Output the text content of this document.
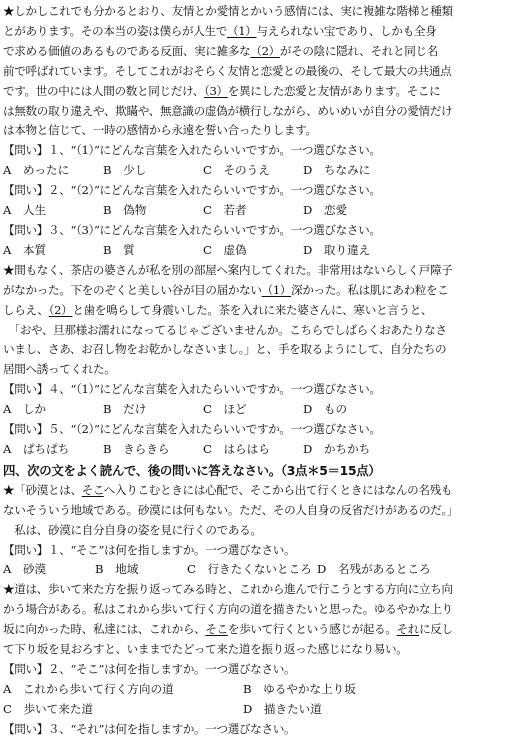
★しかしこれでも分かるとおり、友情とか愛情とかいう感情には、実に複雑な階梯と種類

とがあります。その本当の姿は僕らが人生で（1）与えられない宝であり、しかも全身

で求める価値のあるものである反面、実に雑多な（2）がその陰に隠れ、それと同じ名

前で呼ばれています。そしてこれがおそらく友情と恋愛との最後の、そして最大の共通点

です。世の中には人間の数と同じだけ、（3）を異にした恋愛と友情があります。そこに

は無数の取り違えや、欺瞞や、無意識の虚偽が横行しながら、めいめいが自分の愛情だけ

は本物と信じて、一時の感情から永遠を誓い合ったりします。

【問い】１、“（1）”にどんな言葉を入れたらいいですか。一つ選びなさい。

A　めったに	B　少し	C　そのうえ	D　ちなみに

【問い】２、“（2）”にどんな言葉を入れたらいいですか。一つ選びなさい。

A　人生	B　偽物	C　若者	D　恋愛

【問い】３、“（3）”にどんな言葉を入れたらいいですか。一つ選びなさい。

A　本質	B　質	C　虚偽	D　取り違え

★間もなく、茶店の婆さんが私を別の部屋へ案内してくれた。非常用はないらしく戸障子

がなかった。下をのぞくと美しい谷が目の届かない（1）深かった。私は肌にあわ粒をこ

しらえ、（2）と歯を鳴らして身震いした。茶を入れに来た婆さんに、寒いと言うと、

　「おや、旦那様お濡れになってるじゃございませんか。こちらでしばらくおあたりなさ

いまし、さあ、お召し物をお乾かしなさいまし。」と、手を取るようにして、自分たちの

居間へ誘ってくれた。

【問い】４、“（1）”にどんな言葉を入れたらいいですか。一つ選びなさい。

A　しか	B　だけ	C　ほど	D　もの

【問い】５、“（2）”にどんな言葉を入れたらいいですか。一つ選びなさい。

A　ぱちぱち	B　きらきら	C　はらはら	D　かちかち

四、次の文をよく読んで、後の問いに答えなさい。（3点＊5＝15点）

★「砂漠とは、そこへ入りこむときには心配で、そこから出て行くときにはなんの名残も

ないそういう地域である。砂漠には何もない。ただ、その人自身の反省だけがあるのだ。」

　私は、砂漠に自分自身の姿を見に行くのである。

【問い】１、“そこ”は何を指しますか。一つ選びなさい。

A　砂漠	B　地域	C　行きたくないところ D　名残があるところ

★道は、歩いて来た方を振り返ってみる時と、これから進んで行こうとする方向に立ち向

かう場合がある。私はこれから歩いて行く方向の道を描きたいと思った。ゆるやかな上り

坂に向かった時、私達には、これから、そこを歩いて行くという感じが起る。それに反し

て下り坂を見おろすと、いままでたどって来た道を振り返った感じになり易い。

【問い】２、“そこ”は何を指しますか。一つ選びなさい。

A　これから歩いて行く方向の道	B　ゆるやかな上り坂
C　歩いて来た道	D　描きたい道

【問い】３、“それ”は何を指しますか。一つ選びなさい。
